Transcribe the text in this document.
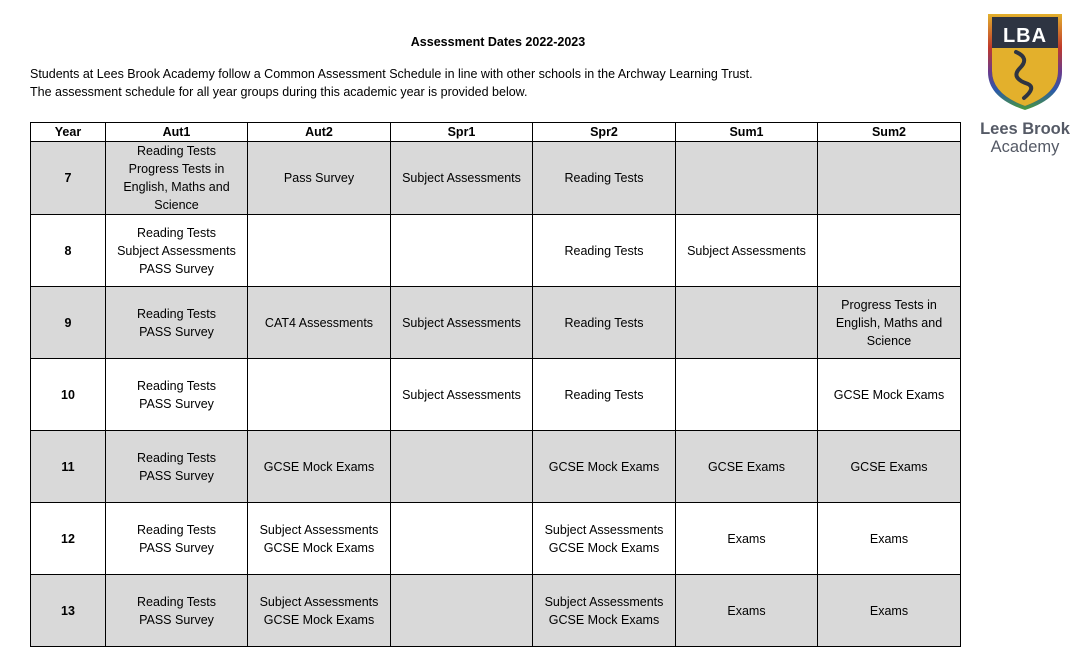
Assessment Dates 2022-2023

Students at Lees Brook Academy follow a Common Assessment Schedule in line with other schools in the Archway Learning Trust.

The assessment schedule for all year groups during this academic year is provided below.

Year	Aut1	Aut2	Spr1	Spr2	Sum1	Sum2
7	Reading Tests
Progress Tests in
English, Maths and
Science	Pass Survey	Subject Assessments	Reading Tests		

8	Reading Tests
Subject Assessments
PASS Survey			Reading Tests	Subject Assessments	

9	Reading Tests
PASS Survey	CAT4 Assessments	Subject Assessments	Reading Tests		Progress Tests in
English, Maths and
Science

10	Reading Tests
PASS Survey		Subject Assessments	Reading Tests		GCSE Mock Exams

11	Reading Tests
PASS Survey	GCSE Mock Exams		GCSE Mock Exams	GCSE Exams	GCSE Exams

12	Reading Tests
PASS Survey	Subject Assessments
GCSE Mock Exams		Subject Assessments
GCSE Mock Exams	Exams	Exams

13	Reading Tests
PASS Survey	Subject Assessments
GCSE Mock Exams		Subject Assessments
GCSE Mock Exams	Exams	Exams
LBA
Lees Brook
Academy
